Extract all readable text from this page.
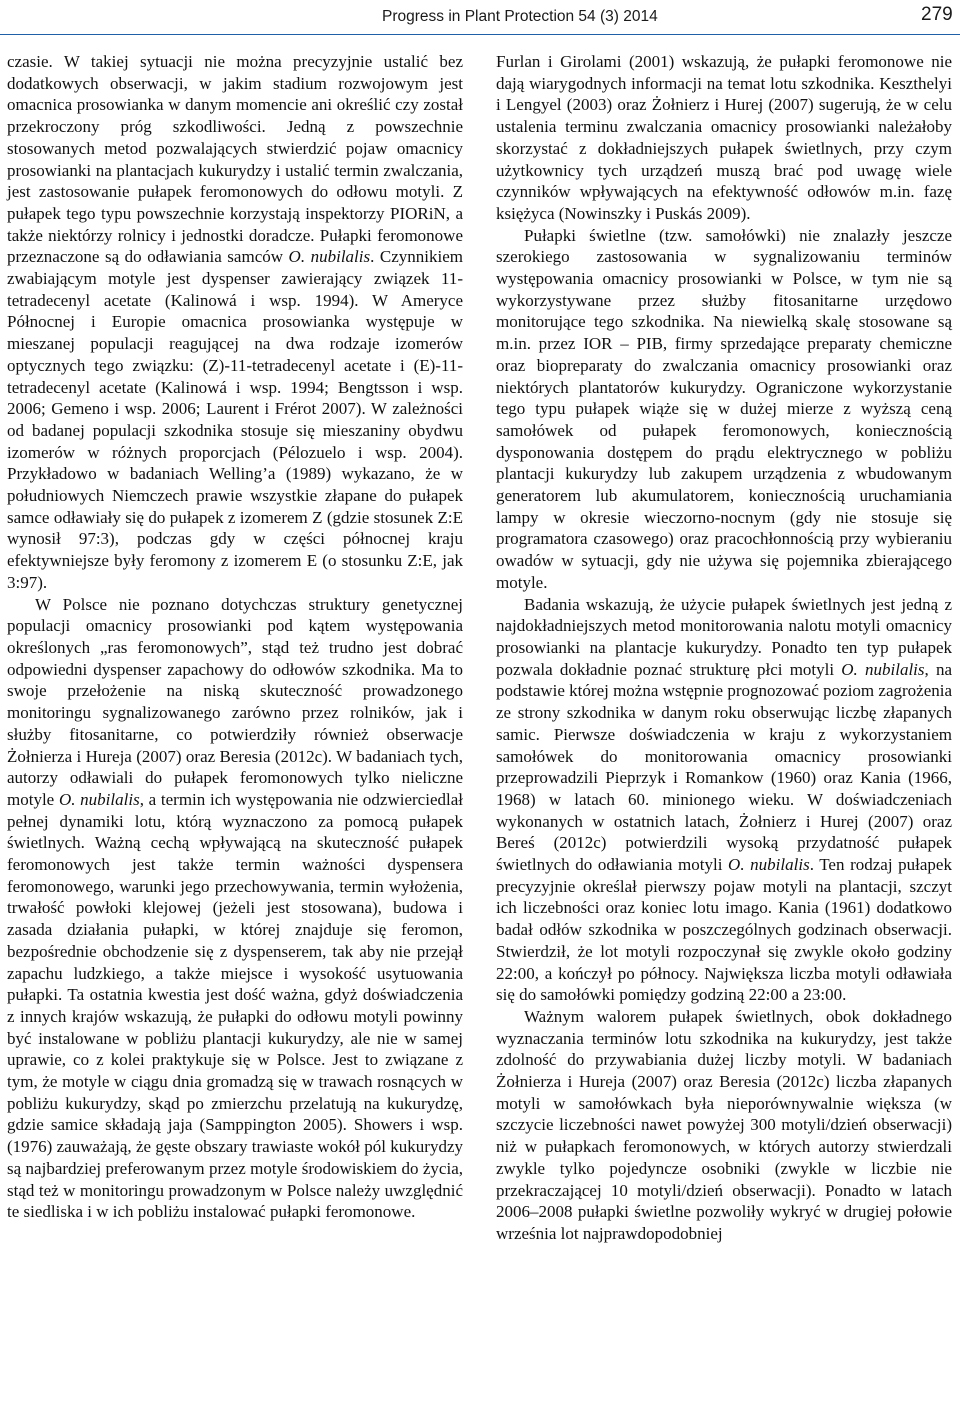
Progress in Plant Protection 54 (3) 2014	279

czasie. W takiej sytuacji nie można precyzyjnie ustalić bez dodatkowych obserwacji, w jakim stadium rozwojowym jest omacnica prosowianka w danym momencie ani określić czy został przekroczony próg szkodliwości. Jedną z powszechnie stosowanych metod pozwalających stwierdzić pojaw omacnicy prosowianki na plantacjach kukurydzy i ustalić termin zwalczania, jest zastosowanie pułapek feromonowych do odłowu motyli. Z pułapek tego typu powszechnie korzystają inspektorzy PIORiN, a także niektórzy rolnicy i jednostki doradcze. Pułapki feromonowe przeznaczone są do odławiania samców O. nubilalis. Czynnikiem zwabiającym motyle jest dyspenser zawierający związek 11-tetradecenyl acetate (Kalinowá i wsp. 1994). W Ameryce Północnej i Europie omacnica prosowianka występuje w mieszanej populacji reagującej na dwa rodzaje izomerów optycznych tego związku: (Z)-11-tetradecenyl acetate i (E)-11-tetradecenyl acetate (Kalinowá i wsp. 1994; Bengtsson i wsp. 2006; Gemeno i wsp. 2006; Laurent i Frérot 2007). W zależności od badanej populacji szkodnika stosuje się mieszaniny obydwu izomerów w różnych proporcjach (Pélozuelo i wsp. 2004). Przykładowo w badaniach Welling’a (1989) wykazano, że w południowych Niemczech prawie wszystkie złapane do pułapek samce odławiały się do pułapek z izomerem Z (gdzie stosunek Z:E wynosił 97:3), podczas gdy w części północnej kraju efektywniejsze były feromony z izomerem E (o stosunku Z:E, jak 3:97).

W Polsce nie poznano dotychczas struktury genetycznej populacji omacnicy prosowianki pod kątem występowania określonych „ras feromonowych”, stąd też trudno jest dobrać odpowiedni dyspenser zapachowy do odłowów szkodnika. Ma to swoje przełożenie na niską skuteczność prowadzonego monitoringu sygnalizowanego zarówno przez rolników, jak i służby fitosanitarne, co potwierdziły również obserwacje Żołnierza i Hureja (2007) oraz Beresia (2012c). W badaniach tych, autorzy odławiali do pułapek feromonowych tylko nieliczne motyle O. nubilalis, a termin ich występowania nie odzwierciedlał pełnej dynamiki lotu, którą wyznaczono za pomocą pułapek świetlnych. Ważną cechą wpływającą na skuteczność pułapek feromonowych jest także termin ważności dyspensera feromonowego, warunki jego przechowywania, termin wyłożenia, trwałość powłoki klejowej (jeżeli jest stosowana), budowa i zasada działania pułapki, w której znajduje się feromon, bezpośrednie obchodzenie się z dyspenserem, tak aby nie przejął zapachu ludzkiego, a także miejsce i wysokość usytuowania pułapki. Ta ostatnia kwestia jest dość ważna, gdyż doświadczenia z innych krajów wskazują, że pułapki do odłowu motyli powinny być instalowane w pobliżu plantacji kukurydzy, ale nie w samej uprawie, co z kolei praktykuje się w Polsce. Jest to związane z tym, że motyle w ciągu dnia gromadzą się w trawach rosnących w pobliżu kukurydzy, skąd po zmierzchu przelatują na kukurydzę, gdzie samice składają jaja (Samppington 2005). Showers i wsp. (1976) zauważają, że gęste obszary trawiaste wokół pól kukurydzy są najbardziej preferowanym przez motyle środowiskiem do życia, stąd też w monitoringu prowadzonym w Polsce należy uwzględnić te siedliska i w ich pobliżu instalować pułapki feromonowe.

Furlan i Girolami (2001) wskazują, że pułapki feromonowe nie dają wiarygodnych informacji na temat lotu szkodnika. Keszthelyi i Lengyel (2003) oraz Żołnierz i Hurej (2007) sugerują, że w celu ustalenia terminu zwalczania omacnicy prosowianki należałoby skorzystać z dokładniejszych pułapek świetlnych, przy czym użytkownicy tych urządzeń muszą brać pod uwagę wiele czynników wpływających na efektywność odłowów m.in. fazę księżyca (Nowinszky i Puskás 2009).

Pułapki świetlne (tzw. samołówki) nie znalazły jeszcze szerokiego zastosowania w sygnalizowaniu terminów występowania omacnicy prosowianki w Polsce, w tym nie są wykorzystywane przez służby fitosanitarne urzędowo monitorujące tego szkodnika. Na niewielką skalę stosowane są m.in. przez IOR – PIB, firmy sprzedające preparaty chemiczne oraz biopreparaty do zwalczania omacnicy prosowianki oraz niektórych plantatorów kukurydzy. Ograniczone wykorzystanie tego typu pułapek wiąże się w dużej mierze z wyższą ceną samołówek od pułapek feromonowych, koniecznością dysponowania dostępem do prądu elektrycznego w pobliżu plantacji kukurydzy lub zakupem urządzenia z wbudowanym generatorem lub akumulatorem, koniecznością uruchamiania lampy w okresie wieczorno-nocnym (gdy nie stosuje się programatora czasowego) oraz pracochłonnością przy wybieraniu owadów w sytuacji, gdy nie używa się pojemnika zbierającego motyle.

Badania wskazują, że użycie pułapek świetlnych jest jedną z najdokładniejszych metod monitorowania nalotu motyli omacnicy prosowianki na plantacje kukurydzy. Ponadto ten typ pułapek pozwala dokładnie poznać strukturę płci motyli O. nubilalis, na podstawie której można wstępnie prognozować poziom zagrożenia ze strony szkodnika w danym roku obserwując liczbę złapanych samic. Pierwsze doświadczenia w kraju z wykorzystaniem samołówek do monitorowania omacnicy prosowianki przeprowadzili Pieprzyk i Romankow (1960) oraz Kania (1966, 1968) w latach 60. minionego wieku. W doświadczeniach wykonanych w ostatnich latach, Żołnierz i Hurej (2007) oraz Bereś (2012c) potwierdzili wysoką przydatność pułapek świetlnych do odławiania motyli O. nubilalis. Ten rodzaj pułapek precyzyjnie określał pierwszy pojaw motyli na plantacji, szczyt ich liczebności oraz koniec lotu imago. Kania (1961) dodatkowo badał odłów szkodnika w poszczególnych godzinach obserwacji. Stwierdził, że lot motyli rozpoczynał się zwykle około godziny 22:00, a kończył po północy. Największa liczba motyli odławiała się do samołówki pomiędzy godziną 22:00 a 23:00.

Ważnym walorem pułapek świetlnych, obok dokładnego wyznaczania terminów lotu szkodnika na kukurydzy, jest także zdolność do przywabiania dużej liczby motyli. W badaniach Żołnierza i Hureja (2007) oraz Beresia (2012c) liczba złapanych motyli w samołówkach była nieporównywalnie większa (w szczycie liczebności nawet powyżej 300 motyli/dzień obserwacji) niż w pułapkach feromonowych, w których autorzy stwierdzali zwykle tylko pojedyncze osobniki (zwykle w liczbie nie przekraczającej 10 motyli/dzień obserwacji). Ponadto w latach 2006–2008 pułapki świetlne pozwoliły wykryć w drugiej połowie września lot najprawdopodobniej
